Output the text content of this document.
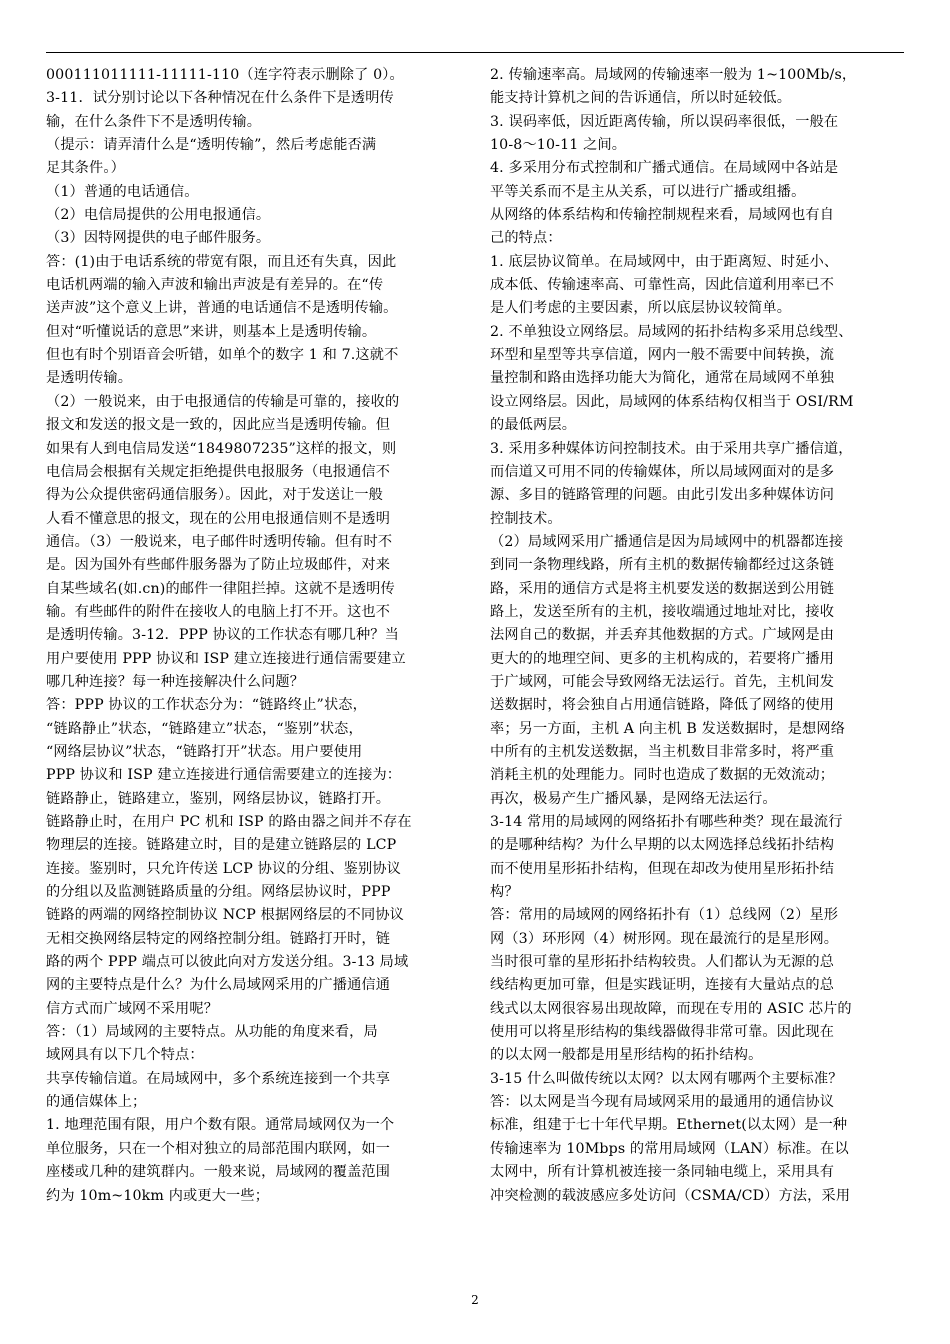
000111011111-11111-110（连字符表示删除了 0）。
3-11．试分别讨论以下各种情况在什么条件下是透明传
输，在什么条件下不是透明传输。
（提示：请弄清什么是“透明传输”，然后考虑能否满
足其条件。）
（1）普通的电话通信。
（2）电信局提供的公用电报通信。
（3）因特网提供的电子邮件服务。
答：(1)由于电话系统的带宽有限，而且还有失真，因此
电话机两端的输入声波和输出声波是有差异的。在“传
送声波”这个意义上讲，普通的电话通信不是透明传输。
但对“听懂说话的意思”来讲，则基本上是透明传输。
但也有时个别语音会听错，如单个的数字 1 和 7.这就不
是透明传输。
（2）一般说来，由于电报通信的传输是可靠的，接收的
报文和发送的报文是一致的，因此应当是透明传输。但
如果有人到电信局发送“1849807235”这样的报文，则
电信局会根据有关规定拒绝提供电报服务（电报通信不
得为公众提供密码通信服务）。因此，对于发送让一般
人看不懂意思的报文，现在的公用电报通信则不是透明
通信。（3）一般说来，电子邮件时透明传输。但有时不
是。因为国外有些邮件服务器为了防止垃圾邮件，对来
自某些域名(如.cn)的邮件一律阻拦掉。这就不是透明传
输。有些邮件的附件在接收人的电脑上打不开。这也不
是透明传输。3-12．PPP 协议的工作状态有哪几种？当
用户要使用 PPP 协议和 ISP 建立连接进行通信需要建立
哪几种连接？每一种连接解决什么问题？
答：PPP 协议的工作状态分为：“链路终止”状态，
“链路静止”状态，“链路建立”状态，“鉴别”状态，
“网络层协议”状态，“链路打开”状态。用户要使用
PPP 协议和 ISP 建立连接进行通信需要建立的连接为：
链路静止，链路建立，鉴别，网络层协议，链路打开。
链路静止时，在用户 PC 机和 ISP 的路由器之间并不存在
物理层的连接。链路建立时，目的是建立链路层的 LCP
连接。鉴别时，只允许传送 LCP 协议的分组、鉴别协议
的分组以及监测链路质量的分组。网络层协议时，PPP
链路的两端的网络控制协议 NCP 根据网络层的不同协议
无相交换网络层特定的网络控制分组。链路打开时，链
路的两个 PPP 端点可以彼此向对方发送分组。3-13 局域
网的主要特点是什么？为什么局域网采用的广播通信通
信方式而广域网不采用呢？
答：（1）局域网的主要特点。从功能的角度来看，局
域网具有以下几个特点：
共享传输信道。在局域网中，多个系统连接到一个共享
的通信媒体上；
1. 地理范围有限，用户个数有限。通常局域网仅为一个
单位服务，只在一个相对独立的局部范围内联网，如一
座楼或几种的建筑群内。一般来说，局域网的覆盖范围
约为 10m~10km 内或更大一些；
2. 传输速率高。局域网的传输速率一般为 1~100Mb/s，
能支持计算机之间的告诉通信，所以时延较低。
3. 误码率低，因近距离传输，所以误码率很低，一般在
10-8～10-11 之间。
4. 多采用分布式控制和广播式通信。在局域网中各站是
平等关系而不是主从关系，可以进行广播或组播。
从网络的体系结构和传输控制规程来看，局域网也有自
己的特点：
1. 底层协议简单。在局域网中，由于距离短、时延小、
成本低、传输速率高、可靠性高，因此信道利用率已不
是人们考虑的主要因素，所以底层协议较简单。
2. 不单独设立网络层。局域网的拓扑结构多采用总线型、
环型和星型等共享信道，网内一般不需要中间转换，流
量控制和路由选择功能大为简化，通常在局域网不单独
设立网络层。因此，局域网的体系结构仅相当于 OSI/RM
的最低两层。
3. 采用多种媒体访问控制技术。由于采用共享广播信道，
而信道又可用不同的传输媒体，所以局域网面对的是多
源、多目的链路管理的问题。由此引发出多种媒体访问
控制技术。
（2）局域网采用广播通信是因为局域网中的机器都连接
到同一条物理线路，所有主机的数据传输都经过这条链
路，采用的通信方式是将主机要发送的数据送到公用链
路上，发送至所有的主机，接收端通过地址对比，接收
法网自己的数据，并丢弃其他数据的方式。广域网是由
更大的的地理空间、更多的主机构成的，若要将广播用
于广域网，可能会导致网络无法运行。首先，主机间发
送数据时，将会独自占用通信链路，降低了网络的使用
率；另一方面，主机 A 向主机 B 发送数据时，是想网络
中所有的主机发送数据，当主机数目非常多时，将严重
消耗主机的处理能力。同时也造成了数据的无效流动；
再次，极易产生广播风暴，是网络无法运行。
3-14 常用的局域网的网络拓扑有哪些种类？现在最流行
的是哪种结构？为什么早期的以太网选择总线拓扑结构
而不使用星形拓扑结构，但现在却改为使用星形拓扑结
构？
答：常用的局域网的网络拓扑有（1）总线网（2）星形
网（3）环形网（4）树形网。现在最流行的是星形网。
当时很可靠的星形拓扑结构较贵。人们都认为无源的总
线结构更加可靠，但是实践证明，连接有大量站点的总
线式以太网很容易出现故障，而现在专用的 ASIC 芯片的
使用可以将星形结构的集线器做得非常可靠。因此现在
的以太网一般都是用星形结构的拓扑结构。
3-15 什么叫做传统以太网？以太网有哪两个主要标准？
答：以太网是当今现有局域网采用的最通用的通信协议
标准，组建于七十年代早期。Ethernet(以太网）是一种
传输速率为 10Mbps 的常用局域网（LAN）标准。在以
太网中，所有计算机被连接一条同轴电缆上，采用具有
冲突检测的载波感应多处访问（CSMA/CD）方法，采用
2
